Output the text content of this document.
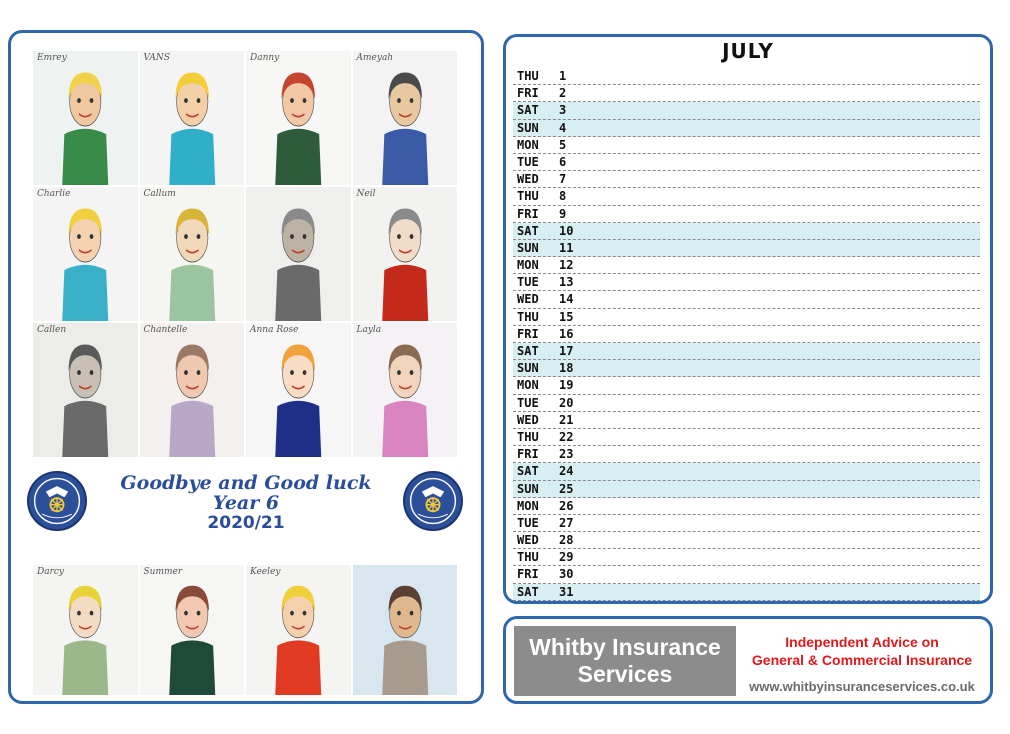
Emrey	VANS	Danny	Ameyah
Charlie	Callum	Neil
Callen	Chantelle	Anna Rose	Layla
Goodbye and Good luck
Year 6
2020/21
Darcy	Summer	Keeley
JULY
THU 1
FRI 2
SAT 3
SUN 4
MON 5
TUE 6
WED 7
THU 8
FRI 9
SAT 10
SUN 11
MON 12
TUE 13
WED 14
THU 15
FRI 16
SAT 17
SUN 18
MON 19
TUE 20
WED 21
THU 22
FRI 23
SAT 24
SUN 25
MON 26
TUE 27
WED 28
THU 29
FRI 30
SAT 31
Whitby Insurance
Services
Independent Advice on
General & Commercial Insurance
www.whitbyinsuranceservices.co.uk
